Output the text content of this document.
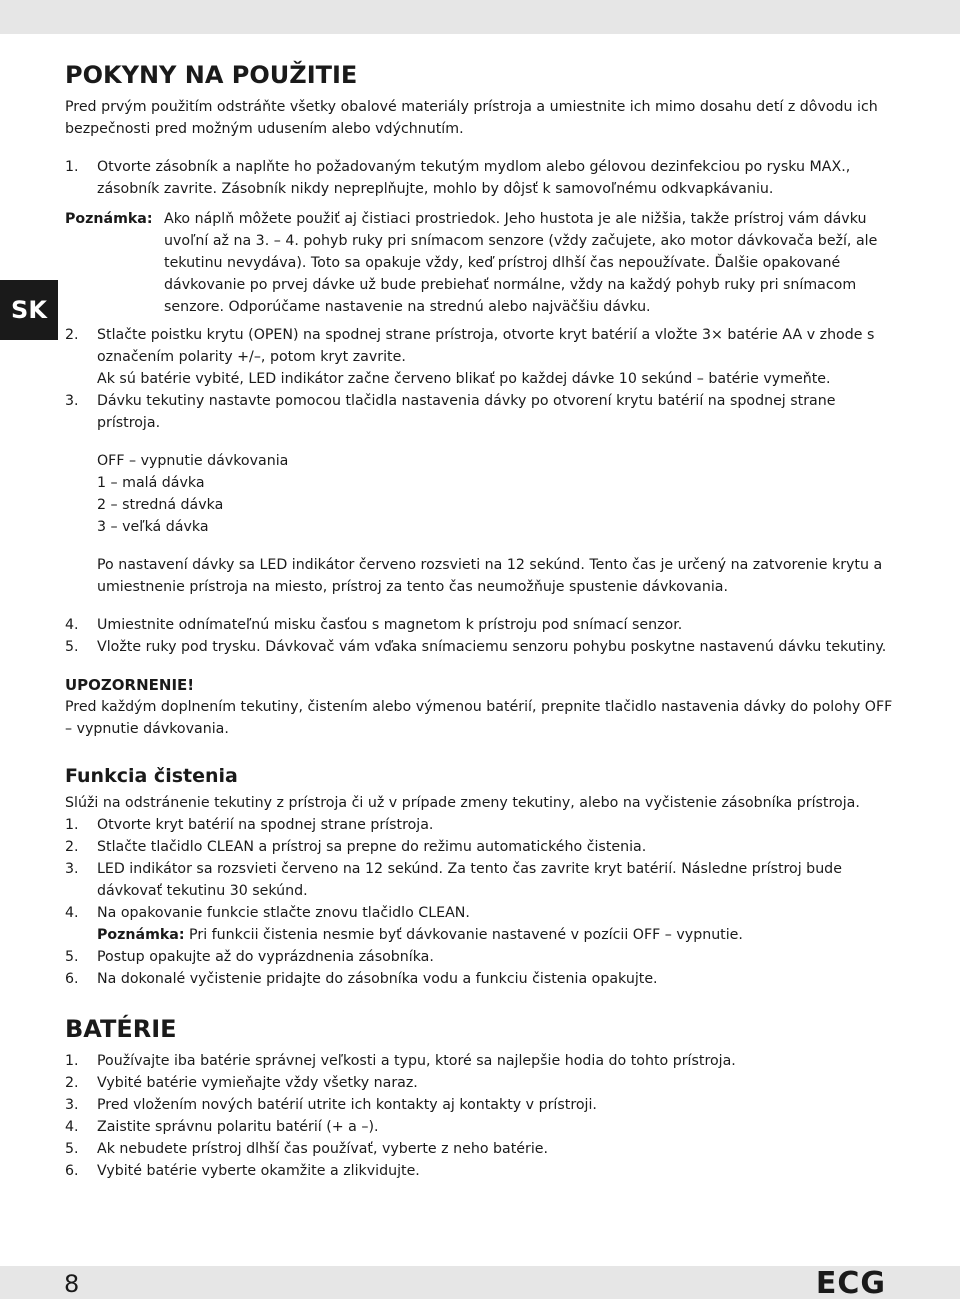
SK
POKYNY NA POUŽITIE

Pred prvým použitím odstráňte všetky obalové materiály prístroja a umiestnite ich mimo dosahu detí z dôvodu ich bezpečnosti pred možným udusením alebo vdýchnutím.

1.	Otvorte zásobník a naplňte ho požadovaným tekutým mydlom alebo gélovou dezinfekciou po rysku MAX., zásobník zavrite. Zásobník nikdy nepreplňujte, mohlo by dôjsť k samovoľnému odkvapkávaniu.
Poznámka: Ako náplň môžete použiť aj čistiaci prostriedok. Jeho hustota je ale nižšia, takže prístroj vám dávku uvoľní až na 3. – 4. pohyb ruky pri snímacom senzore (vždy začujete, ako motor dávkovača beží, ale tekutinu nevydáva). Toto sa opakuje vždy, keď prístroj dlhší čas nepoužívate. Ďalšie opakované dávkovanie po prvej dávke už bude prebiehať normálne, vždy na každý pohyb ruky pri snímacom senzore. Odporúčame nastavenie na strednú alebo najväčšiu dávku.
2.	Stlačte poistku krytu (OPEN) na spodnej strane prístroja, otvorte kryt batérií a vložte 3× batérie AA v zhode s označením polarity +/–, potom kryt zavrite.

Ak sú batérie vybité, LED indikátor začne červeno blikať po každej dávke 10 sekúnd – batérie vymeňte.

3.	Dávku tekutiny nastavte pomocou tlačidla nastavenia dávky po otvorení krytu batérií na spodnej strane prístroja.

OFF – vypnutie dávkovania

1 – malá dávka

2 – stredná dávka

3 – veľká dávka

Po nastavení dávky sa LED indikátor červeno rozsvieti na 12 sekúnd. Tento čas je určený na zatvorenie krytu a umiestnenie prístroja na miesto, prístroj za tento čas neumožňuje spustenie dávkovania.

4.	Umiestnite odnímateľnú misku časťou s magnetom k prístroju pod snímací senzor.
5.	Vložte ruky pod trysku. Dávkovač vám vďaka snímaciemu senzoru pohybu poskytne nastavenú dávku tekutiny.
UPOZORNENIE!

Pred každým doplnením tekutiny, čistením alebo výmenou batérií, prepnite tlačidlo nastavenia dávky do polohy OFF – vypnutie dávkovania.

Funkcia čistenia

Slúži na odstránenie tekutiny z prístroja či už v prípade zmeny tekutiny, alebo na vyčistenie zásobníka prístroja.

1.	Otvorte kryt batérií na spodnej strane prístroja.
2.	Stlačte tlačidlo CLEAN a prístroj sa prepne do režimu automatického čistenia.
3.	LED indikátor sa rozsvieti červeno na 12 sekúnd. Za tento čas zavrite kryt batérií. Následne prístroj bude dávkovať tekutinu 30 sekúnd.
4.	Na opakovanie funkcie stlačte znovu tlačidlo CLEAN.

Poznámka: Pri funkcii čistenia nesmie byť dávkovanie nastavené v pozícii OFF – vypnutie.

5.	Postup opakujte až do vyprázdnenia zásobníka.
6.	Na dokonalé vyčistenie pridajte do zásobníka vodu a funkciu čistenia opakujte.
BATÉRIE
1.	Používajte iba batérie správnej veľkosti a typu, ktoré sa najlepšie hodia do tohto prístroja.
2.	Vybité batérie vymieňajte vždy všetky naraz.
3.	Pred vložením nových batérií utrite ich kontakty aj kontakty v prístroji.
4.	Zaistite správnu polaritu batérií (+ a –).
5.	Ak nebudete prístroj dlhší čas používať, vyberte z neho batérie.
6.	Vybité batérie vyberte okamžite a zlikvidujte.
8	ECG
